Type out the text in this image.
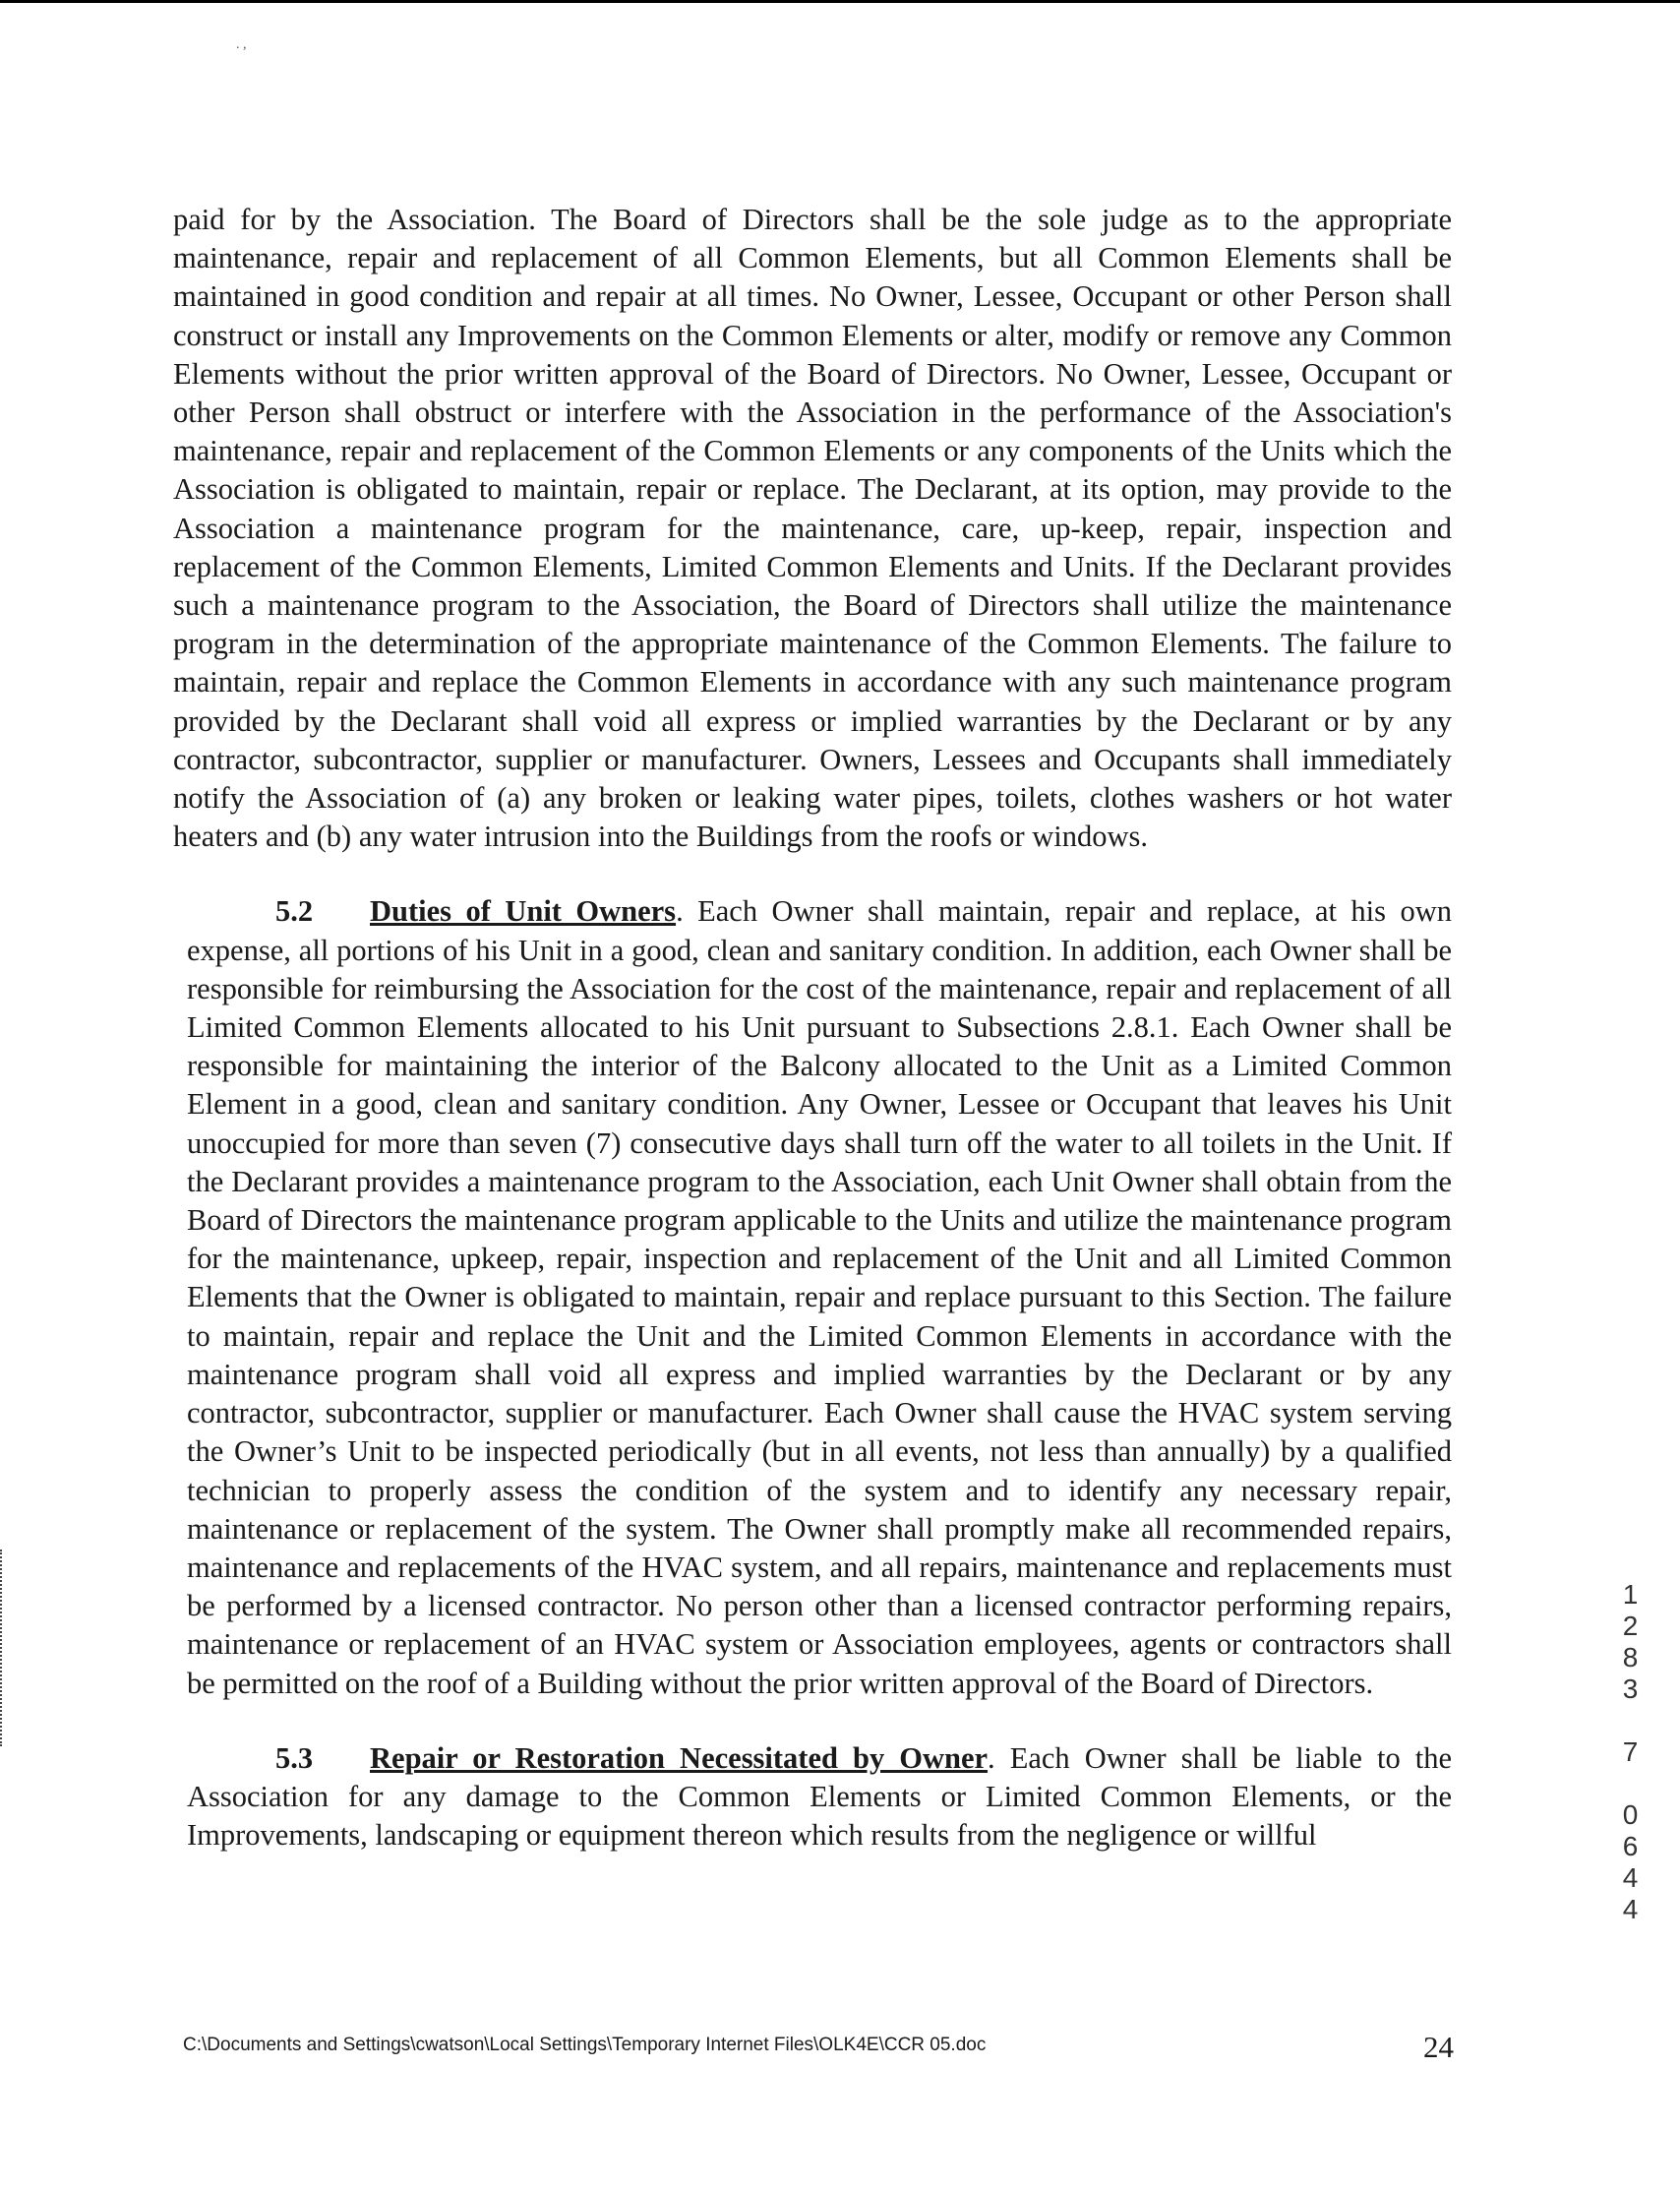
. ,

paid for by the Association. The Board of Directors shall be the sole judge as to the appropriate maintenance, repair and replacement of all Common Elements, but all Common Elements shall be maintained in good condition and repair at all times. No Owner, Lessee, Occupant or other Person shall construct or install any Improvements on the Common Elements or alter, modify or remove any Common Elements without the prior written approval of the Board of Directors. No Owner, Lessee, Occupant or other Person shall obstruct or interfere with the Association in the performance of the Association's maintenance, repair and replacement of the Common Elements or any components of the Units which the Association is obligated to maintain, repair or replace. The Declarant, at its option, may provide to the Association a maintenance program for the maintenance, care, up-keep, repair, inspection and replacement of the Common Elements, Limited Common Elements and Units. If the Declarant provides such a maintenance program to the Association, the Board of Directors shall utilize the maintenance program in the determination of the appropriate maintenance of the Common Elements. The failure to maintain, repair and replace the Common Elements in accordance with any such maintenance program provided by the Declarant shall void all express or implied warranties by the Declarant or by any contractor, subcontractor, supplier or manufacturer. Owners, Lessees and Occupants shall immediately notify the Association of (a) any broken or leaking water pipes, toilets, clothes washers or hot water heaters and (b) any water intrusion into the Buildings from the roofs or windows.

5.2 Duties of Unit Owners. Each Owner shall maintain, repair and replace, at his own expense, all portions of his Unit in a good, clean and sanitary condition. In addition, each Owner shall be responsible for reimbursing the Association for the cost of the maintenance, repair and replacement of all Limited Common Elements allocated to his Unit pursuant to Subsections 2.8.1. Each Owner shall be responsible for maintaining the interior of the Balcony allocated to the Unit as a Limited Common Element in a good, clean and sanitary condition. Any Owner, Lessee or Occupant that leaves his Unit unoccupied for more than seven (7) consecutive days shall turn off the water to all toilets in the Unit. If the Declarant provides a maintenance program to the Association, each Unit Owner shall obtain from the Board of Directors the maintenance program applicable to the Units and utilize the maintenance program for the maintenance, upkeep, repair, inspection and replacement of the Unit and all Limited Common Elements that the Owner is obligated to maintain, repair and replace pursuant to this Section. The failure to maintain, repair and replace the Unit and the Limited Common Elements in accordance with the maintenance program shall void all express and implied warranties by the Declarant or by any contractor, subcontractor, supplier or manufacturer. Each Owner shall cause the HVAC system serving the Owner’s Unit to be inspected periodically (but in all events, not less than annually) by a qualified technician to properly assess the condition of the system and to identify any necessary repair, maintenance or replacement of the system. The Owner shall promptly make all recommended repairs, maintenance and replacements of the HVAC system, and all repairs, maintenance and replacements must be performed by a licensed contractor. No person other than a licensed contractor performing repairs, maintenance or replacement of an HVAC system or Association employees, agents or contractors shall be permitted on the roof of a Building without the prior written approval of the Board of Directors.

5.3 Repair or Restoration Necessitated by Owner. Each Owner shall be liable to the Association for any damage to the Common Elements or Limited Common Elements, or the Improvements, landscaping or equipment thereon which results from the negligence or willful	1283 7 0644
C:\Documents and Settings\cwatson\Local Settings\Temporary Internet Files\OLK4E\CCR 05.doc	24
